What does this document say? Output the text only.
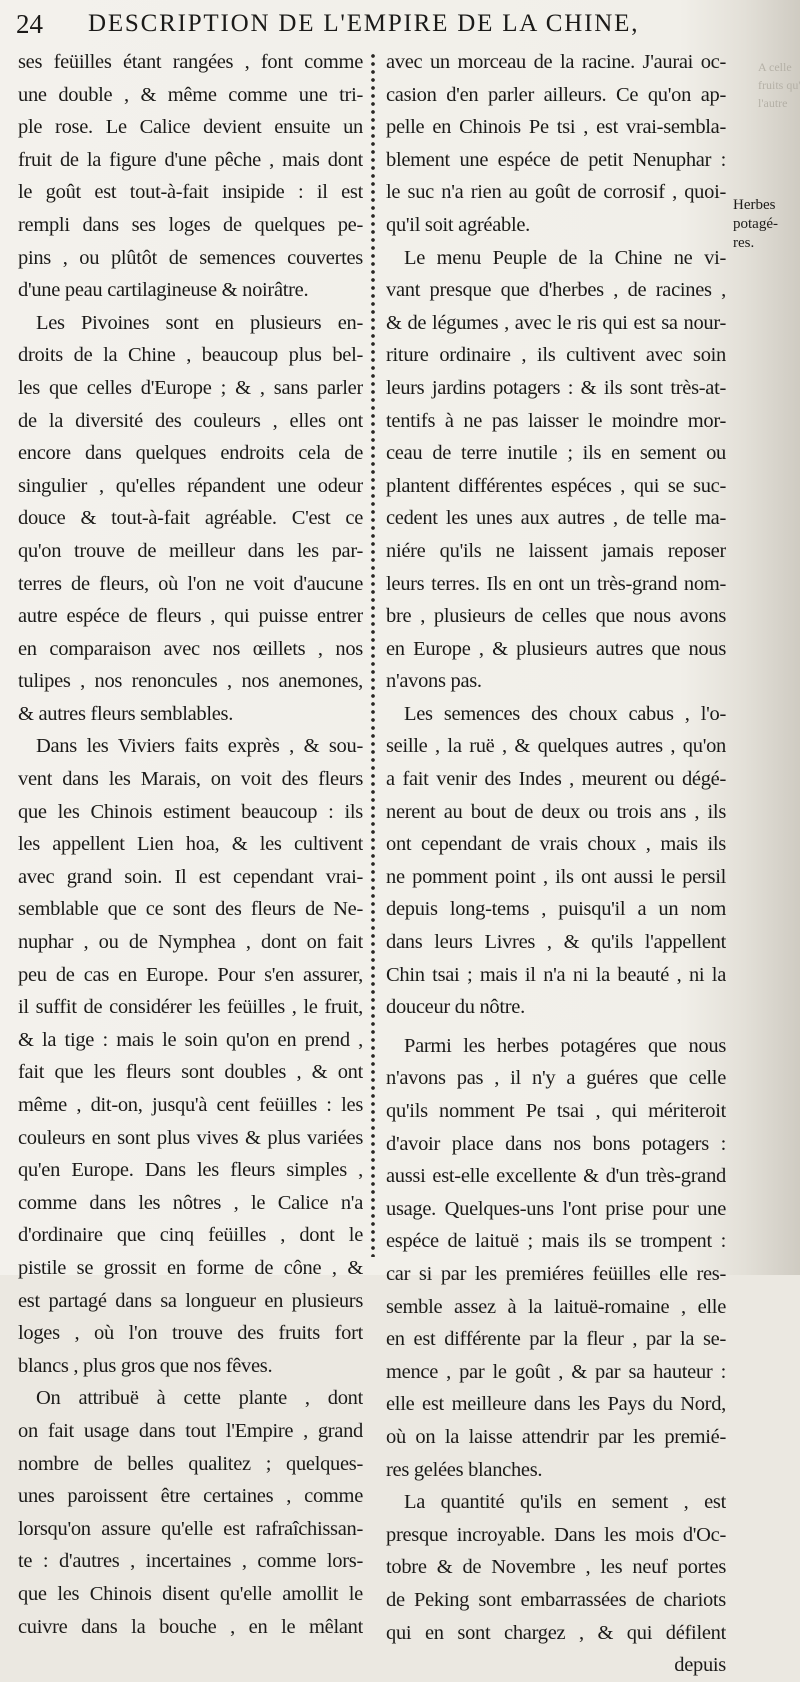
24 DESCRIPTION DE L'EMPIRE DE LA CHINE,
ses feüilles étant rangées , font comme
une double , & même comme une tri-
ple rose. Le Calice devient ensuite un
fruit de la figure d'une pêche , mais dont
le goût est tout-à-fait insipide : il est
rempli dans ses loges de quelques pe-
pins , ou plûtôt de semences couvertes
d'une peau cartilagineuse & noirâtre.
Les Pivoines sont en plusieurs en-
droits de la Chine , beaucoup plus bel-
les que celles d'Europe ; & , sans parler
de la diversité des couleurs , elles ont
encore dans quelques endroits cela de
singulier , qu'elles répandent une odeur
douce & tout-à-fait agréable. C'est ce
qu'on trouve de meilleur dans les par-
terres de fleurs, où l'on ne voit d'aucune
autre espéce de fleurs , qui puisse entrer
en comparaison avec nos œillets , nos
tulipes , nos renoncules , nos anemones,
& autres fleurs semblables.
Dans les Viviers faits exprès , & sou-
vent dans les Marais, on voit des fleurs
que les Chinois estiment beaucoup : ils
les appellent Lien hoa, & les cultivent
avec grand soin. Il est cependant vrai-
semblable que ce sont des fleurs de Ne-
nuphar , ou de Nymphea , dont on fait
peu de cas en Europe. Pour s'en assurer,
il suffit de considérer les feüilles , le fruit,
& la tige : mais le soin qu'on en prend ,
fait que les fleurs sont doubles , & ont
même , dit-on, jusqu'à cent feüilles : les
couleurs en sont plus vives & plus variées
qu'en Europe. Dans les fleurs simples ,
comme dans les nôtres , le Calice n'a
d'ordinaire que cinq feüilles , dont le
pistile se grossit en forme de cône , &
est partagé dans sa longueur en plusieurs
loges , où l'on trouve des fruits fort
blancs , plus gros que nos fêves.
On attribuë à cette plante , dont
on fait usage dans tout l'Empire , grand
nombre de belles qualitez ; quelques-
unes paroissent être certaines , comme
lorsqu'on assure qu'elle est rafraîchissan-
te : d'autres , incertaines , comme lors-
que les Chinois disent qu'elle amollit le
cuivre dans la bouche , en le mêlant
avec un morceau de la racine. J'aurai oc-
casion d'en parler ailleurs. Ce qu'on ap-
pelle en Chinois Pe tsi , est vrai-sembla-
blement une espéce de petit Nenuphar :
le suc n'a rien au goût de corrosif , quoi-
qu'il soit agréable.
Le menu Peuple de la Chine ne vi-
vant presque que d'herbes , de racines ,
& de légumes , avec le ris qui est sa nour-
riture ordinaire , ils cultivent avec soin
leurs jardins potagers : & ils sont très-at-
tentifs à ne pas laisser le moindre mor-
ceau de terre inutile ; ils en sement ou
plantent différentes espéces , qui se suc-
cedent les unes aux autres , de telle ma-
niére qu'ils ne laissent jamais reposer
leurs terres. Ils en ont un très-grand nom-
bre , plusieurs de celles que nous avons
en Europe , & plusieurs autres que nous
n'avons pas.
Les semences des choux cabus , l'o-
seille , la ruë , & quelques autres , qu'on
a fait venir des Indes , meurent ou dégé-
nerent au bout de deux ou trois ans , ils
ont cependant de vrais choux , mais ils
ne pomment point , ils ont aussi le persil
depuis long-tems , puisqu'il a un nom
dans leurs Livres , & qu'ils l'appellent
Chin tsai ; mais il n'a ni la beauté , ni la
douceur du nôtre.
Parmi les herbes potagéres que nous
n'avons pas , il n'y a guéres que celle
qu'ils nomment Pe tsai , qui mériteroit
d'avoir place dans nos bons potagers :
aussi est-elle excellente & d'un très-grand
usage. Quelques-uns l'ont prise pour une
espéce de laituë ; mais ils se trompent :
car si par les premiéres feüilles elle res-
semble assez à la laituë-romaine , elle
en est différente par la fleur , par la se-
mence , par le goût , & par sa hauteur :
elle est meilleure dans les Pays du Nord,
où on la laisse attendrir par les premié-
res gelées blanches.
La quantité qu'ils en sement , est
presque incroyable. Dans les mois d'Oc-
tobre & de Novembre , les neuf portes
de Peking sont embarrassées de chariots
qui en sont chargez , & qui défilent
depuis
Herbes
potagé-
res.
A celle
fruits qu'
l'autre
